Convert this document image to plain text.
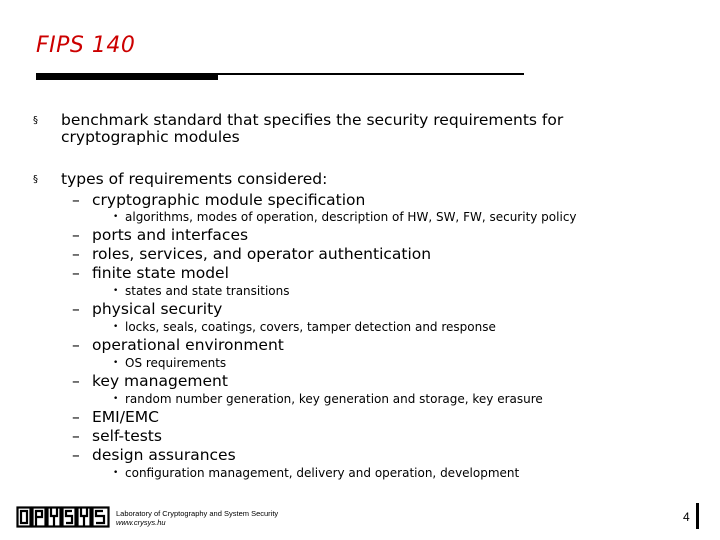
FIPS 140
§ benchmark standard that specifies the security requirements for
cryptographic modules
§ types of requirements considered:
– cryptographic module specification
• algorithms, modes of operation, description of HW, SW, FW, security policy
– ports and interfaces
– roles, services, and operator authentication
– finite state model
• states and state transitions
– physical security
• locks, seals, coatings, covers, tamper detection and response
– operational environment
• OS requirements
– key management
• random number generation, key generation and storage, key erasure
– EMI/EMC
– self-tests
– design assurances
• configuration management, delivery and operation, development
Laboratory of Cryptography and System Security
www.crysys.hu	4
